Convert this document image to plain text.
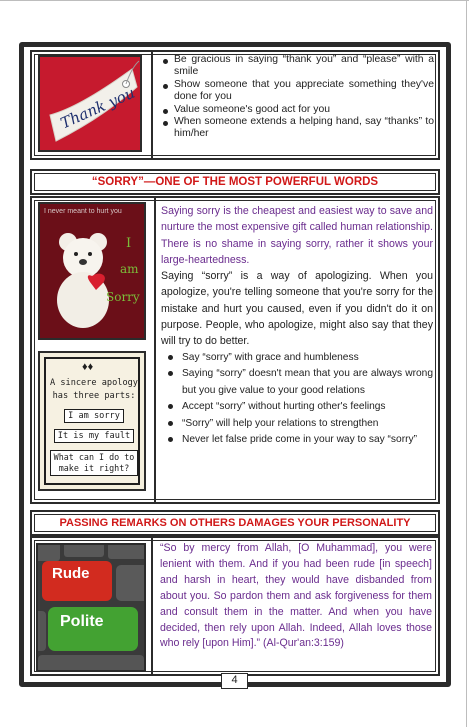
Thank you
Be gracious in saying “thank you” and “please” with a smile
Show someone that you appreciate something they've done for you
Value someone's good act for you
When someone extends a helping hand, say “thanks” to him/her
“SORRY”—ONE OF THE MOST POWERFUL WORDS
I never meant to hurt you
I
am
Sorry
♦♦
A sincere apology
has three parts:
I am sorry
It is my fault
What can I do to make it right?

Saying sorry is the cheapest and easiest way to save and nurture the most expensive gift called human relationship. There is no shame in saying sorry, rather it shows your large-heartedness.

Saying “sorry” is a way of apologizing. When you apologize, you're telling someone that you're sorry for the mistake and hurt you caused, even if you didn't do it on purpose. People, who apologize, might also say that they will try to do better.

Say “sorry” with grace and humbleness
Saying “sorry” doesn't mean that you are always wrong but you give value to your good relations
Accept “sorry” without hurting other's feelings
“Sorry” will help your relations to strengthen
Never let false pride come in your way to say “sorry”
PASSING REMARKS ON OTHERS DAMAGES YOUR PERSONALITY
Rude
Polite

“So by mercy from Allah, [O Muhammad], you were lenient with them. And if you had been rude [in speech] and harsh in heart, they would have disbanded from about you. So pardon them and ask forgiveness for them and consult them in the matter. And when you have decided, then rely upon Allah. Indeed, Allah loves those who rely [upon Him].” (Al-Qur'an:3:159)

4
